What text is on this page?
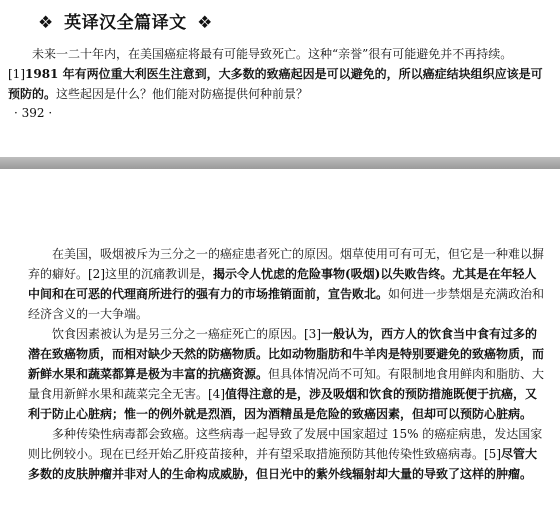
❖ 英译汉全篇译文 ❖

未来一二十年内，在美国癌症将最有可能导致死亡。这种“亲誉”很有可能避免并不再持续。[1]1981 年有两位重大利医生注意到，大多数的致癌起因是可以避免的，所以癌症结块组织应该是可预防的。这些起因是什么？他们能对防癌提供何种前景？

· 392 ·

在美国，吸烟被斥为三分之一的癌症患者死亡的原因。烟草使用可有可无，但它是一种难以摒弃的癖好。[2]这里的沉痛教训是，揭示令人忧虑的危险事物(吸烟)以失败告终。尤其是在年轻人中间和在可恶的代理商所进行的强有力的市场推销面前，宣告败北。如何进一步禁烟是充满政治和经济含义的一大争端。

饮食因素被认为是另三分之一癌症死亡的原因。[3]一般认为，西方人的饮食当中食有过多的潜在致癌物质，而相对缺少天然的防癌物质。比如动物脂肪和牛羊肉是特别要避免的致癌物质，而新鲜水果和蔬菜都算是极为丰富的抗癌资源。但具体情况尚不可知。有限制地食用鲜肉和脂肪、大量食用新鲜水果和蔬菜完全无害。[4]值得注意的是，涉及吸烟和饮食的预防措施既便于抗癌，又利于防止心脏病；惟一的例外就是烈酒，因为酒精虽是危险的致癌因素，但却可以预防心脏病。

多种传染性病毒都会致癌。这些病毒一起导致了发展中国家超过 15% 的癌症病患，发达国家则比例较小。现在已经开始乙肝疫苗接种，并有望采取措施预防其他传染性致癌病毒。[5]尽管大多数的皮肤肿瘤并非对人的生命构成威胁，但日光中的紫外线辐射却大量的导致了这样的肿瘤。
